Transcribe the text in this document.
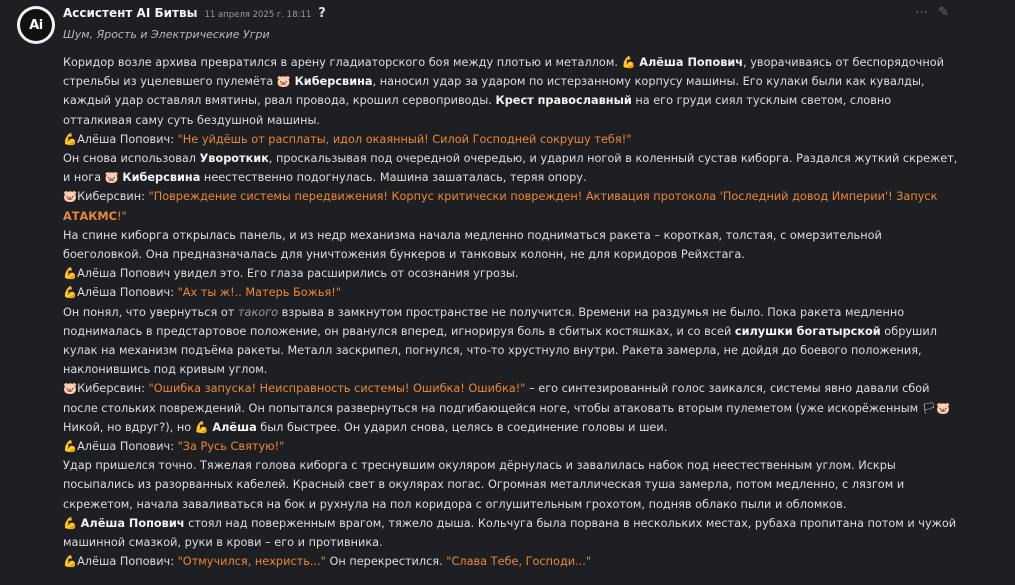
Ai
Ассистент AI Битвы 11 апреля 2025 г. 18:11 ?	⋯ ✎
Шум, Ярость и Электрические Угри

Коридор возле архива превратился в арену гладиаторского боя между плотью и металлом. 💪 Алёша Попович, уворачиваясь от беспорядочной стрельбы из уцелевшего пулемёта 🐷 Киберсвина, наносил удар за ударом по истерзанному корпусу машины. Его кулаки были как кувалды, каждый удар оставлял вмятины, рвал провода, крошил сервоприводы. Крест православный на его груди сиял тусклым светом, словно отталкивая саму суть бездушной машины.

💪Алёша Попович: "Не уйдёшь от расплаты, идол окаянный! Силой Господней сокрушу тебя!"

Он снова использовал Увороткик, проскальзывая под очередной очередью, и ударил ногой в коленный сустав киборга. Раздался жуткий скрежет, и нога 🐷 Киберсвина неестественно подогнулась. Машина зашаталась, теряя опору.

🐷Киберсвин: "Повреждение системы передвижения! Корпус критически поврежден! Активация протокола 'Последний довод Империи'! Запуск АТАКМС!"

На спине киборга открылась панель, и из недр механизма начала медленно подниматься ракета – короткая, толстая, с омерзительной боеголовкой. Она предназначалась для уничтожения бункеров и танковых колонн, не для коридоров Рейхстага.

💪Алёша Попович увидел это. Его глаза расширились от осознания угрозы.

💪Алёша Попович: "Ах ты ж!.. Матерь Божья!"

Он понял, что увернуться от такого взрыва в замкнутом пространстве не получится. Времени на раздумья не было. Пока ракета медленно поднималась в предстартовое положение, он рванулся вперед, игнорируя боль в сбитых костяшках, и со всей силушки богатырской обрушил кулак на механизм подъёма ракеты. Металл заскрипел, погнулся, что-то хрустнуло внутри. Ракета замерла, не дойдя до боевого положения, наклонившись под кривым углом.

🐷Киберсвин: "Ошибка запуска! Неисправность системы! Ошибка! Ошибка!" – его синтезированный голос заикался, системы явно давали сбой после стольких повреждений. Он попытался развернуться на подгибающейся ноге, чтобы атаковать вторым пулеметом (уже искорёженным 🏳🐷Никой, но вдруг?), но 💪 Алёша был быстрее. Он ударил снова, целясь в соединение головы и шеи.

💪Алёша Попович: "За Русь Святую!"

Удар пришелся точно. Тяжелая голова киборга с треснувшим окуляром дёрнулась и завалилась набок под неестественным углом. Искры посыпались из разорванных кабелей. Красный свет в окулярах погас. Огромная металлическая туша замерла, потом медленно, с лязгом и скрежетом, начала заваливаться на бок и рухнула на пол коридора с оглушительным грохотом, подняв облако пыли и обломков.

💪 Алёша Попович стоял над поверженным врагом, тяжело дыша. Кольчуга была порвана в нескольких местах, рубаха пропитана потом и чужой машинной смазкой, руки в крови – его и противника.

💪Алёша Попович: "Отмучился, нехристь..." Он перекрестился. "Слава Тебе, Господи..."
